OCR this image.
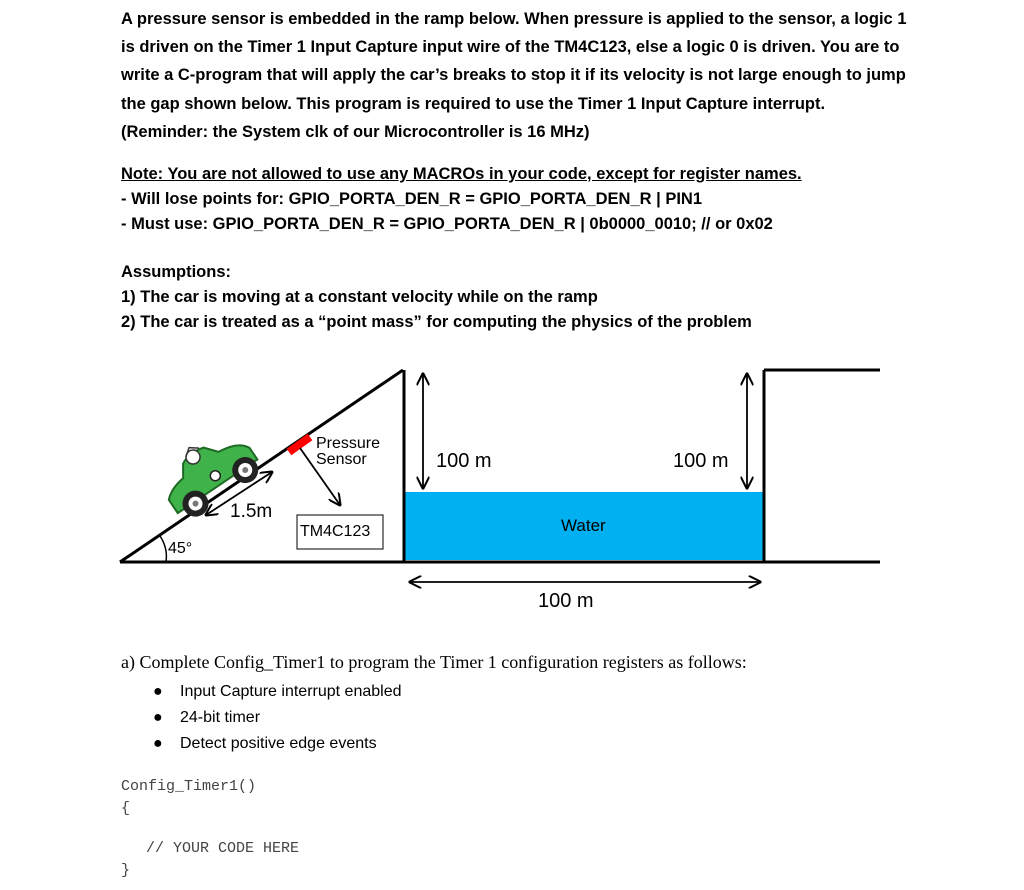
A pressure sensor is embedded in the ramp below. When pressure is applied to the sensor, a logic 1 is driven on the Timer 1 Input Capture input wire of the TM4C123, else a logic 0 is driven. You are to write a C-program that will apply the car’s breaks to stop it if its velocity is not large enough to jump the gap shown below. This program is required to use the Timer 1 Input Capture interrupt. (Reminder: the System clk of our Microcontroller is 16 MHz)
Note: You are not allowed to use any MACROs in your code, except for register names.
- Will lose points for: GPIO_PORTA_DEN_R = GPIO_PORTA_DEN_R | PIN1
- Must use: GPIO_PORTA_DEN_R = GPIO_PORTA_DEN_R | 0b0000_0010; // or 0x02
Assumptions:
1) The car is moving at a constant velocity while on the ramp
2) The car is treated as a “point mass” for computing the physics of the problem
Pressure
Sensor
1.5m
TM4C123
45°
100 m	100 m
Water
100 m
a) Complete Config_Timer1 to program the Timer 1 configuration registers as follows:
● Input Capture interrupt enabled
● 24-bit timer
● Detect positive edge events
Config_Timer1()
{
// YOUR CODE HERE
}
